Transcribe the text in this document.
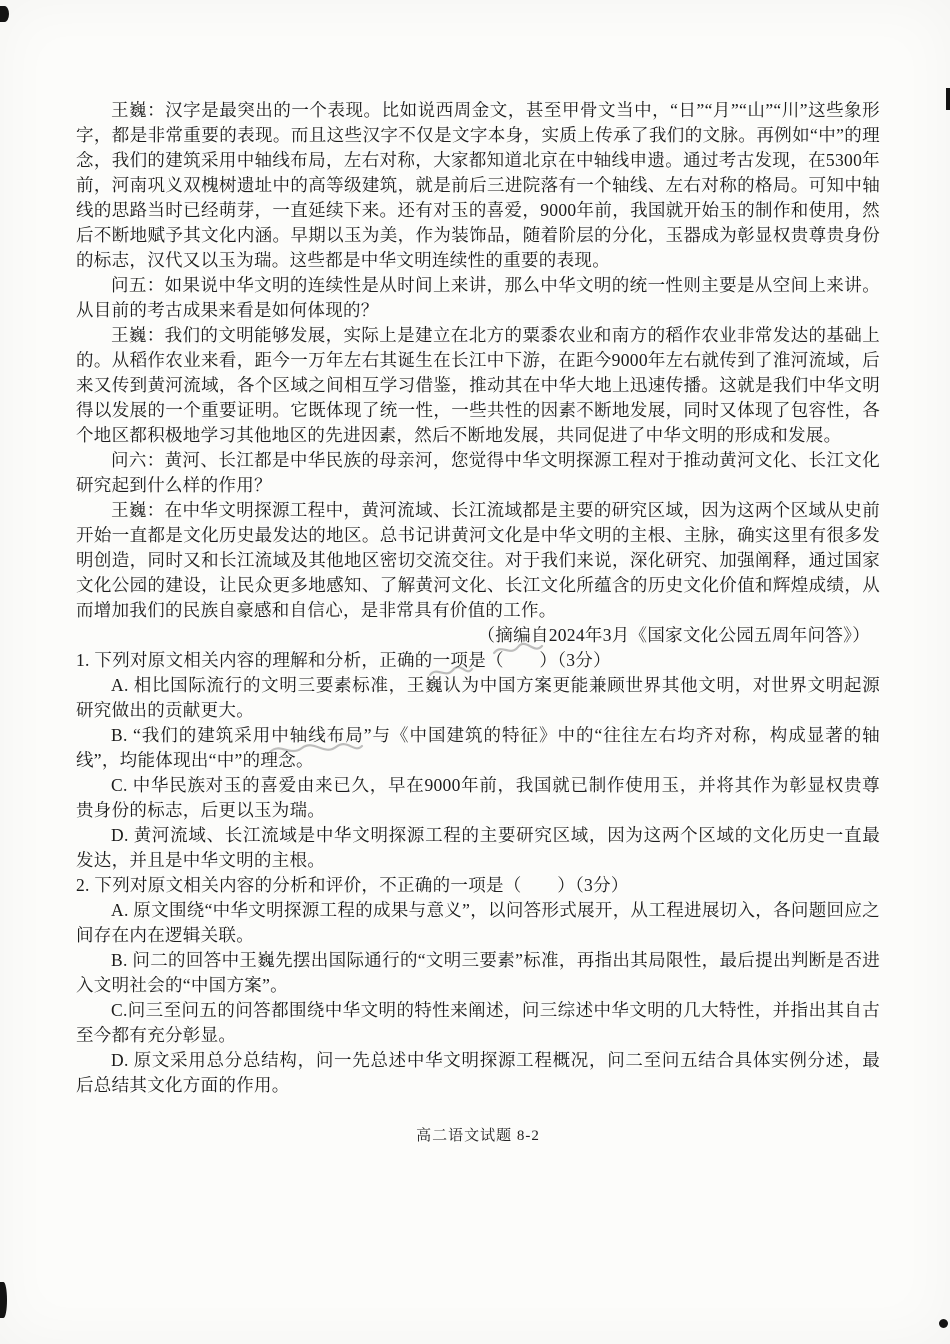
王巍：汉字是最突出的一个表现。比如说西周金文，甚至甲骨文当中，“日”“月”“山”“川”这些象形字，都是非常重要的表现。而且这些汉字不仅是文字本身，实质上传承了我们的文脉。再例如“中”的理念，我们的建筑采用中轴线布局，左右对称，大家都知道北京在中轴线申遗。通过考古发现，在5300年前，河南巩义双槐树遗址中的高等级建筑，就是前后三进院落有一个轴线、左右对称的格局。可知中轴线的思路当时已经萌芽，一直延续下来。还有对玉的喜爱，9000年前，我国就开始玉的制作和使用，然后不断地赋予其文化内涵。早期以玉为美，作为装饰品，随着阶层的分化，玉器成为彰显权贵尊贵身份的标志，汉代又以玉为瑞。这些都是中华文明连续性的重要的表现。

问五：如果说中华文明的连续性是从时间上来讲，那么中华文明的统一性则主要是从空间上来讲。从目前的考古成果来看是如何体现的？

王巍：我们的文明能够发展，实际上是建立在北方的粟黍农业和南方的稻作农业非常发达的基础上的。从稻作农业来看，距今一万年左右其诞生在长江中下游，在距今9000年左右就传到了淮河流域，后来又传到黄河流域，各个区域之间相互学习借鉴，推动其在中华大地上迅速传播。这就是我们中华文明得以发展的一个重要证明。它既体现了统一性，一些共性的因素不断地发展，同时又体现了包容性，各个地区都积极地学习其他地区的先进因素，然后不断地发展，共同促进了中华文明的形成和发展。

问六：黄河、长江都是中华民族的母亲河，您觉得中华文明探源工程对于推动黄河文化、长江文化研究起到什么样的作用？

王巍：在中华文明探源工程中，黄河流域、长江流域都是主要的研究区域，因为这两个区域从史前开始一直都是文化历史最发达的地区。总书记讲黄河文化是中华文明的主根、主脉，确实这里有很多发明创造，同时又和长江流域及其他地区密切交流交往。对于我们来说，深化研究、加强阐释，通过国家文化公园的建设，让民众更多地感知、了解黄河文化、长江文化所蕴含的历史文化价值和辉煌成绩，从而增加我们的民族自豪感和自信心，是非常具有价值的工作。

（摘编自2024年3月《国家文化公园五周年问答》）

1. 下列对原文相关内容的理解和分析，正确的一项是（　　）（3分）

A. 相比国际流行的文明三要素标准，王巍认为中国方案更能兼顾世界其他文明，对世界文明起源研究做出的贡献更大。

B. “我们的建筑采用中轴线布局”与《中国建筑的特征》中的“往往左右均齐对称，构成显著的轴线”，均能体现出“中”的理念。

C. 中华民族对玉的喜爱由来已久，早在9000年前，我国就已制作使用玉，并将其作为彰显权贵尊贵身份的标志，后更以玉为瑞。

D. 黄河流域、长江流域是中华文明探源工程的主要研究区域，因为这两个区域的文化历史一直最发达，并且是中华文明的主根。

2. 下列对原文相关内容的分析和评价，不正确的一项是（　　）（3分）

A. 原文围绕“中华文明探源工程的成果与意义”，以问答形式展开，从工程进展切入，各问题回应之间存在内在逻辑关联。

B. 问二的回答中王巍先摆出国际通行的“文明三要素”标准，再指出其局限性，最后提出判断是否进入文明社会的“中国方案”。

C.问三至问五的问答都围绕中华文明的特性来阐述，问三综述中华文明的几大特性，并指出其自古至今都有充分彰显。

D. 原文采用总分总结构，问一先总述中华文明探源工程概况，问二至问五结合具体实例分述，最后总结其文化方面的作用。

高二语文试题 8-2
